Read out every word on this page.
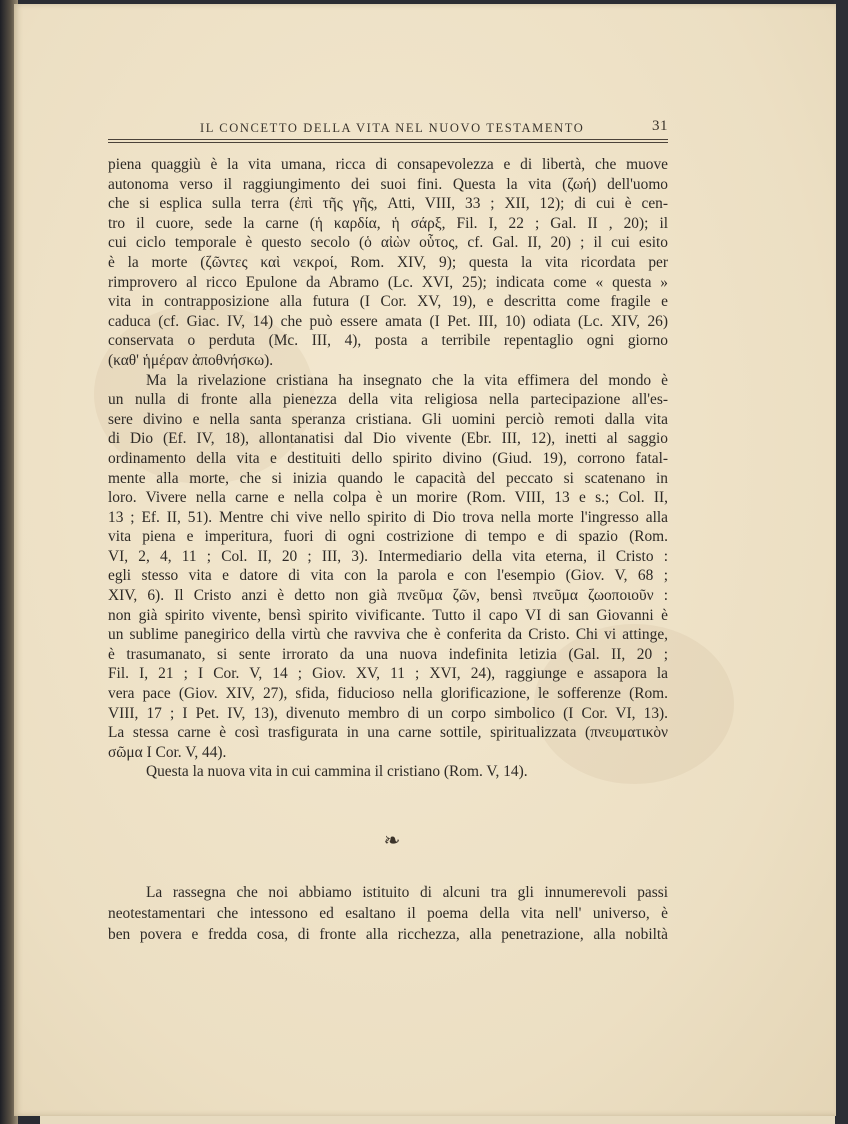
IL CONCETTO DELLA VITA NEL NUOVO TESTAMENTO	31
piena quaggiù è la vita umana, ricca di consapevolezza e di libertà, che muove
autonoma verso il raggiungimento dei suoi fini. Questa la vita (ζωή) dell'uomo
che si esplica sulla terra (ἐπὶ τῆς γῆς, Atti, VIII, 33 ; XII, 12); di cui è cen-
tro il cuore, sede la carne (ἡ καρδία, ἡ σάρξ, Fil. I, 22 ; Gal. II , 20); il
cui ciclo temporale è questo secolo (ὁ αἰὼν οὗτος, cf. Gal. II, 20) ; il cui esito
è la morte (ζῶντες καὶ νεκροί, Rom. XIV, 9); questa la vita ricordata per
rimprovero al ricco Epulone da Abramo (Lc. XVI, 25); indicata come « questa »
vita in contrapposizione alla futura (I Cor. XV, 19), e descritta come fragile e
caduca (cf. Giac. IV, 14) che può essere amata (I Pet. III, 10) odiata (Lc. XIV, 26)
conservata o perduta (Mc. III, 4), posta a terribile repentaglio ogni giorno
(καθ' ἡμέραν ἀποθνήσκω).
Ma la rivelazione cristiana ha insegnato che la vita effimera del mondo è
un nulla di fronte alla pienezza della vita religiosa nella partecipazione all'es-
sere divino e nella santa speranza cristiana. Gli uomini perciò remoti dalla vita
di Dio (Ef. IV, 18), allontanatisi dal Dio vivente (Ebr. III, 12), inetti al saggio
ordinamento della vita e destituiti dello spirito divino (Giud. 19), corrono fatal-
mente alla morte, che si inizia quando le capacità del peccato si scatenano in
loro. Vivere nella carne e nella colpa è un morire (Rom. VIII, 13 e s.; Col. II,
13 ; Ef. II, 51). Mentre chi vive nello spirito di Dio trova nella morte l'ingresso alla
vita piena e imperitura, fuori di ogni costrizione di tempo e di spazio (Rom.
VI, 2, 4, 11 ; Col. II, 20 ; III, 3). Intermediario della vita eterna, il Cristo :
egli stesso vita e datore di vita con la parola e con l'esempio (Giov. V, 68 ;
XIV, 6). Il Cristo anzi è detto non già πνεῦμα ζῶν, bensì πνεῦμα ζωοποιοῦν :
non già spirito vivente, bensì spirito vivificante. Tutto il capo VI di san Giovanni è
un sublime panegirico della virtù che ravviva che è conferita da Cristo. Chi vi attinge,
è trasumanato, si sente irrorato da una nuova indefinita letizia (Gal. II, 20 ;
Fil. I, 21 ; I Cor. V, 14 ; Giov. XV, 11 ; XVI, 24), raggiunge e assapora la
vera pace (Giov. XIV, 27), sfida, fiducioso nella glorificazione, le sofferenze (Rom.
VIII, 17 ; I Pet. IV, 13), divenuto membro di un corpo simbolico (I Cor. VI, 13).
La stessa carne è così trasfigurata in una carne sottile, spiritualizzata (πνευματικὸν
σῶμα I Cor. V, 44).
Questa la nuova vita in cui cammina il cristiano (Rom. V, 14).
❧
La rassegna che noi abbiamo istituito di alcuni tra gli innumerevoli passi
neotestamentari che intessono ed esaltano il poema della vita nell' universo, è
ben povera e fredda cosa, di fronte alla ricchezza, alla penetrazione, alla nobiltà
